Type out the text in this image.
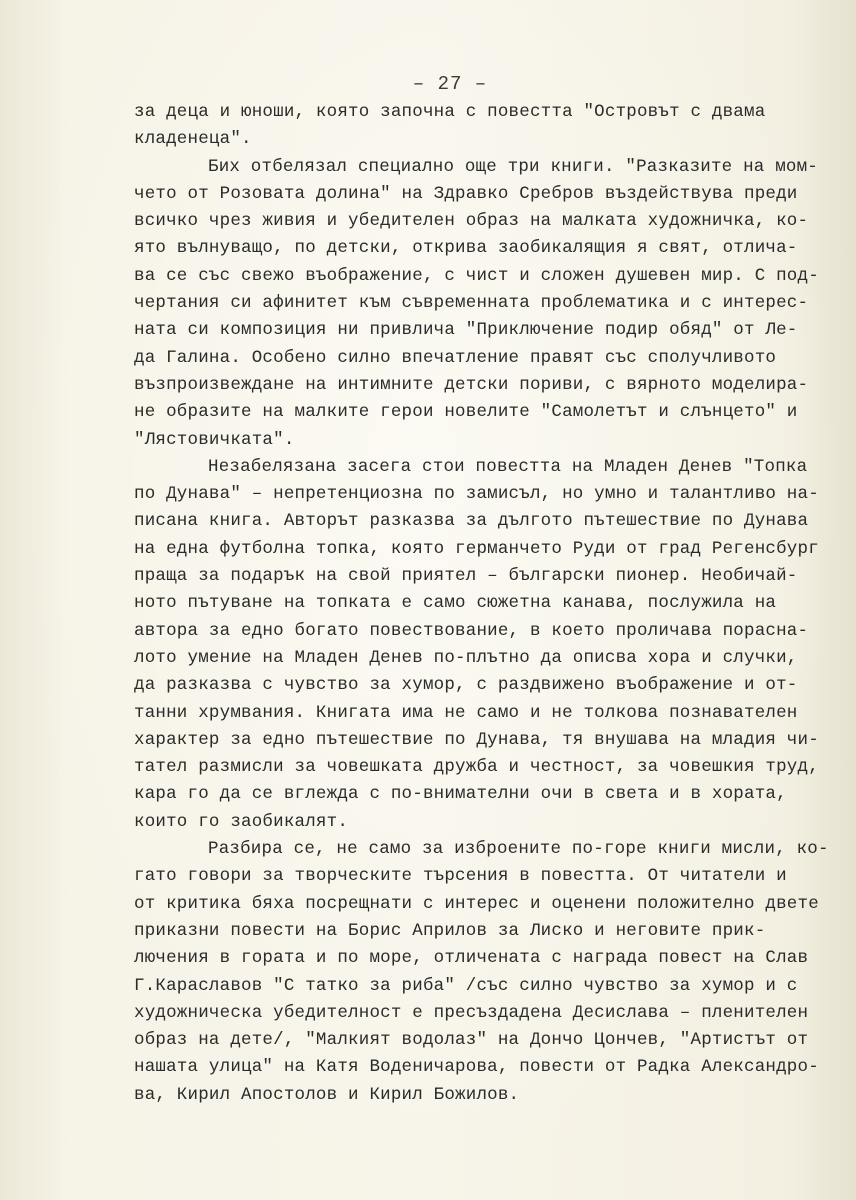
– 27 –
за деца и юноши, която започна с повестта "Островът с двама
кладенеца".
Бих отбелязал специално още три книги. "Разказите на мом-
чето от Розовата долина" на Здравко Сребров въздействува преди
всичко чрез живия и убедителен образ на малката художничка, ко-
ято вълнуващо, по детски, открива заобикалящия я свят, отлича-
ва се със свежо въображение, с чист и сложен душевен мир. С под-
чертания си афинитет към съвременната проблематика и с интерес-
ната си композиция ни привлича "Приключение подир обяд" от Ле-
да Галина. Особено силно впечатление правят със сполучливото
възпроизвеждане на интимните детски пориви, с вярното моделира-
не образите на малките герои новелите "Самолетът и слънцето" и
"Лястовичката".
Незабелязана засега стои повестта на Младен Денев "Топка
по Дунава" – непретенциозна по замисъл, но умно и талантливо на-
писана книга. Авторът разказва за дългото пътешествие по Дунава
на една футболна топка, която германчето Руди от град Регенсбург
праща за подарък на свой приятел – български пионер. Необичай-
ното пътуване на топката е само сюжетна канава, послужила на
автора за едно богато повествование, в което проличава порасна-
лото умение на Младен Денев по-плътно да описва хора и случки,
да разказва с чувство за хумор, с раздвижено въображение и от-
танни хрумвания. Книгата има не само и не толкова познавателен
характер за едно пътешествие по Дунава, тя внушава на младия чи-
тател размисли за човешката дружба и честност, за човешкия труд,
кара го да се вглежда с по-внимателни очи в света и в хората,
които го заобикалят.
Разбира се, не само за изброените по-горе книги мисли, ко-
гато говори за творческите търсения в повестта. От читатели и
от критика бяха посрещнати с интерес и оценени положително двете
приказни повести на Борис Априлов за Лиско и неговите прик-
лючения в гората и по море, отличената с награда повест на Слав
Г.Караславов "С татко за риба" /със силно чувство за хумор и с
художническа убедителност е пресъздадена Десислава – пленителен
образ на дете/, "Малкият водолаз" на Дончо Цончев, "Артистът от
нашата улица" на Катя Воденичарова, повести от Радка Александро-
ва, Кирил Апостолов и Кирил Божилов.
